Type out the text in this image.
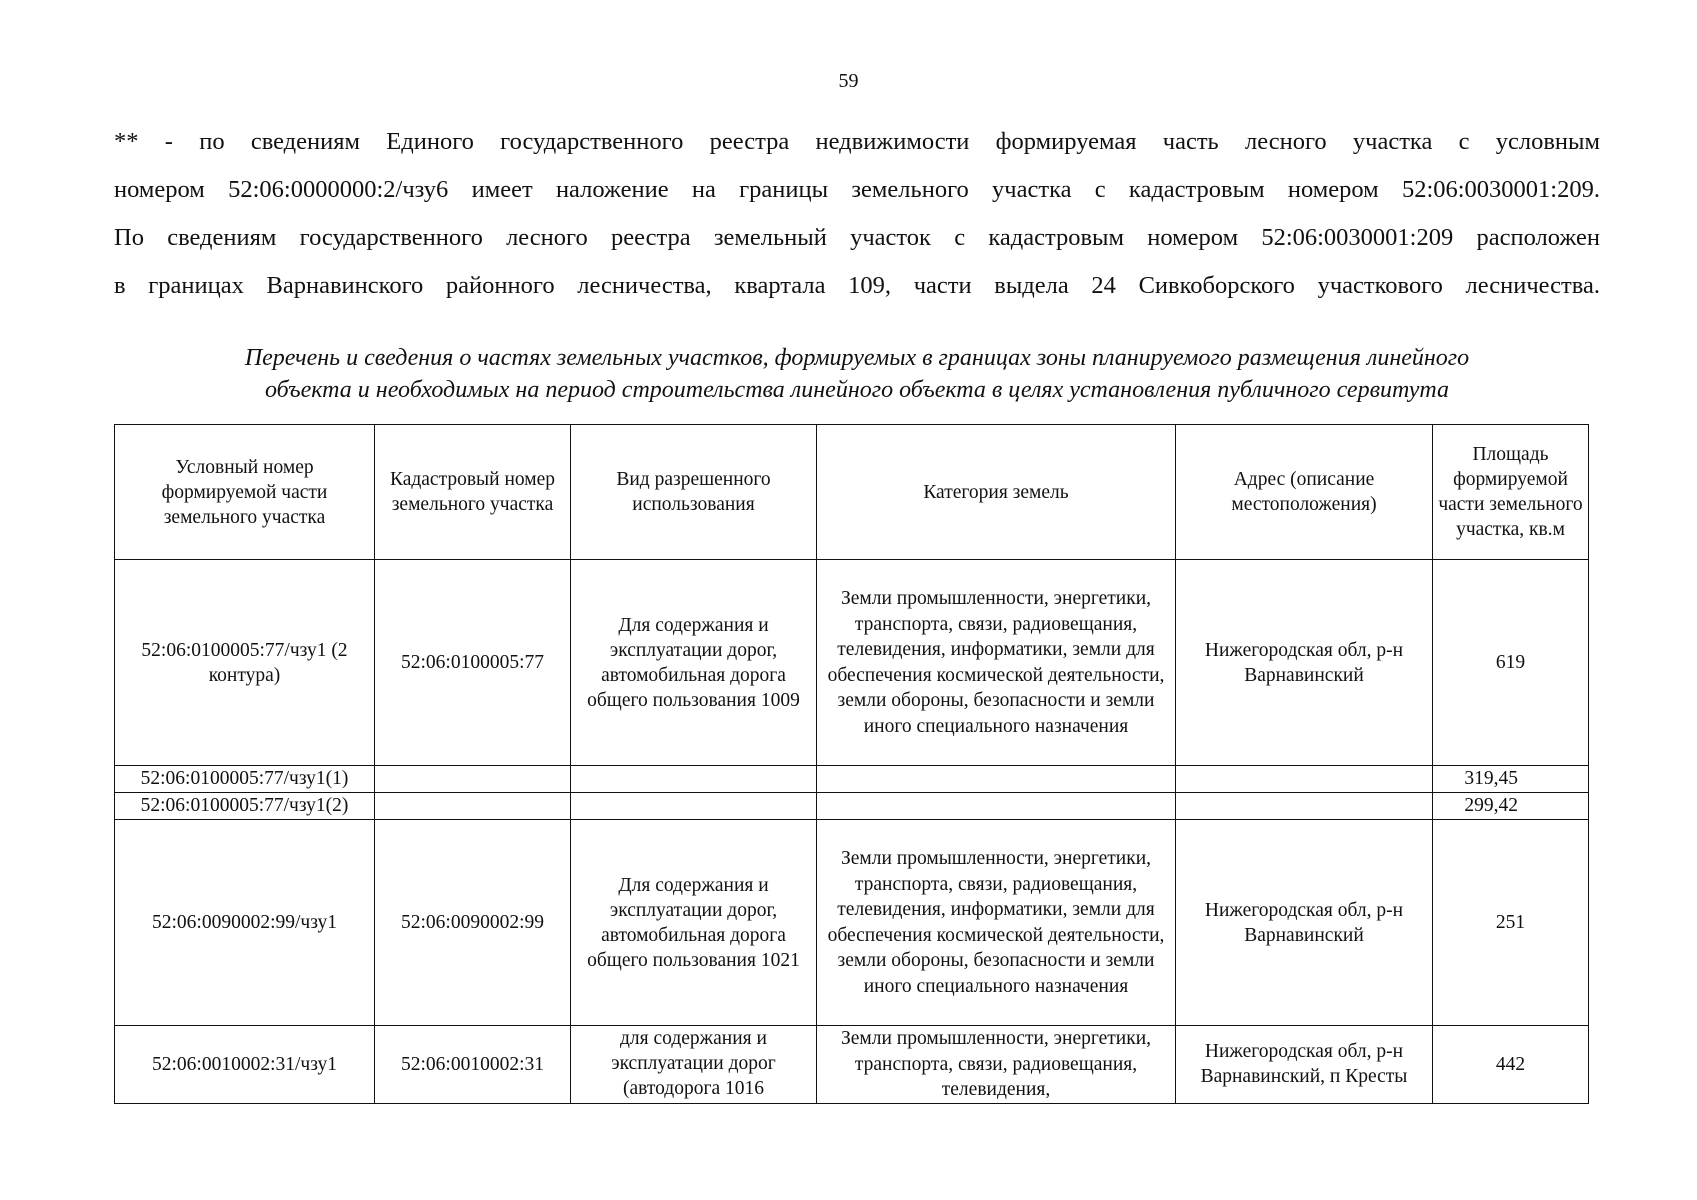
59
** - по сведениям Единого государственного реестра недвижимости формируемая часть лесного участка с условным
номером 52:06:0000000:2/чзу6 имеет наложение на границы земельного участка с кадастровым номером 52:06:0030001:209.
По сведениям государственного лесного реестра земельный участок с кадастровым номером 52:06:0030001:209 расположен
в границах Варнавинского районного лесничества, квартала 109, части выдела 24 Сивкоборского участкового лесничества.
Перечень и сведения о частях земельных участков, формируемых в границах зоны планируемого размещения линейного
объекта и необходимых на период строительства линейного объекта в целях установления публичного сервитута
Условный номер формируемой части земельного участка	Кадастровый номер земельного участка	Вид разрешенного использования	Категория земель	Адрес (описание местоположения)	Площадь формируемой части земельного участка, кв.м
52:06:0100005:77/чзу1 (2 контура)	52:06:0100005:77	Для содержания и эксплуатации дорог, автомобильная дорога общего пользования 1009	Земли промышленности, энергетики, транспорта, связи, радиовещания, телевидения, информатики, земли для обеспечения космической деятельности, земли обороны, безопасности и земли иного специального назначения	Нижегородская обл, р-н Варнавинский	619
52:06:0100005:77/чзу1(1)					319,45
52:06:0100005:77/чзу1(2)					299,42
52:06:0090002:99/чзу1	52:06:0090002:99	Для содержания и эксплуатации дорог, автомобильная дорога общего пользования 1021	Земли промышленности, энергетики, транспорта, связи, радиовещания, телевидения, информатики, земли для обеспечения космической деятельности, земли обороны, безопасности и земли иного специального назначения	Нижегородская обл, р-н Варнавинский	251
52:06:0010002:31/чзу1	52:06:0010002:31	для содержания и эксплуатации дорог (автодорога 1016	Земли промышленности, энергетики, транспорта, связи, радиовещания, телевидения,	Нижегородская обл, р-н Варнавинский, п Кресты	442
